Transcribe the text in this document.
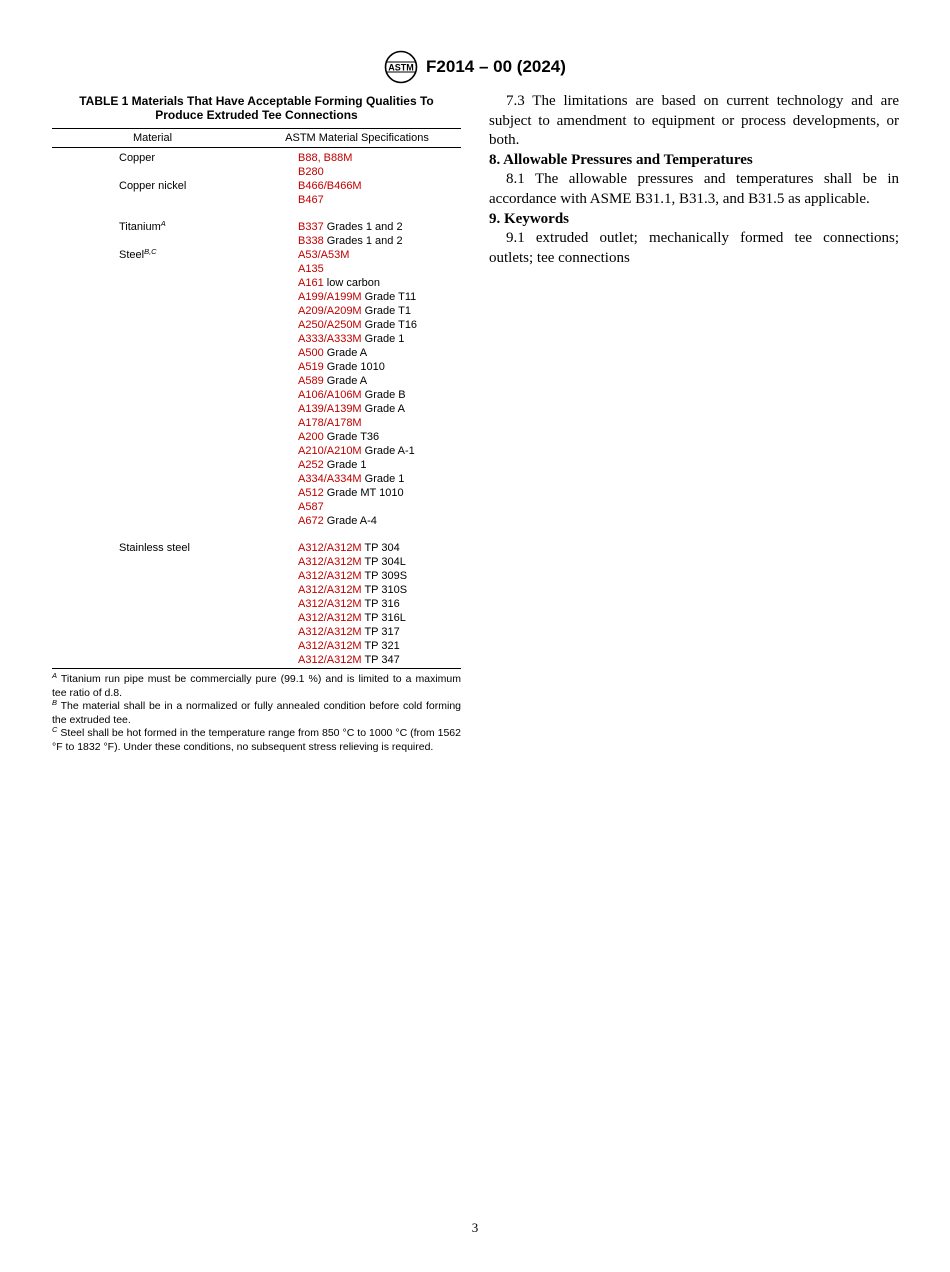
ASTM F2014 – 00 (2024)
TABLE 1 Materials That Have Acceptable Forming Qualities To
Produce Extruded Tee Connections
Material	ASTM Material Specifications

Copper	B88, B88M
	B280
Copper nickel	B466/B466M
	B467

Titanium$^A$	B337 Grades 1 and 2
	B338 Grades 1 and 2
Steel$^{B,C}$	A53/A53M
	A135
	A161 low carbon
	A199/A199M Grade T11
	A209/A209M Grade T1
	A250/A250M Grade T16
	A333/A333M Grade 1
	A500 Grade A
	A519 Grade 1010
	A589 Grade A
	A106/A106M Grade B
	A139/A139M Grade A
	A178/A178M
	A200 Grade T36
	A210/A210M Grade A-1
	A252 Grade 1
	A334/A334M Grade 1
	A512 Grade MT 1010
	A587
	A672 Grade A-4

Stainless steel	A312/A312M TP 304
	A312/A312M TP 304L
	A312/A312M TP 309S
	A312/A312M TP 310S
	A312/A312M TP 316
	A312/A312M TP 316L
	A312/A312M TP 317
	A312/A312M TP 321
	A312/A312M TP 347

$^A$ Titanium run pipe must be commercially pure (99.1 %) and is limited to a maximum tee ratio of d.8.

$^B$ The material shall be in a normalized or fully annealed condition before cold forming the extruded tee.

$^C$ Steel shall be hot formed in the temperature range from 850 °C to 1000 °C (from 1562 °F to 1832 °F). Under these conditions, no subsequent stress relieving is required.

7.3 The limitations are based on current technology and are subject to amendment to equipment or process developments, or both.

8. Allowable Pressures and Temperatures

8.1 The allowable pressures and temperatures shall be in accordance with ASME B31.1, B31.3, and B31.5 as applicable.

9. Keywords

9.1 extruded outlet; mechanically formed tee connections; outlets; tee connections

3
